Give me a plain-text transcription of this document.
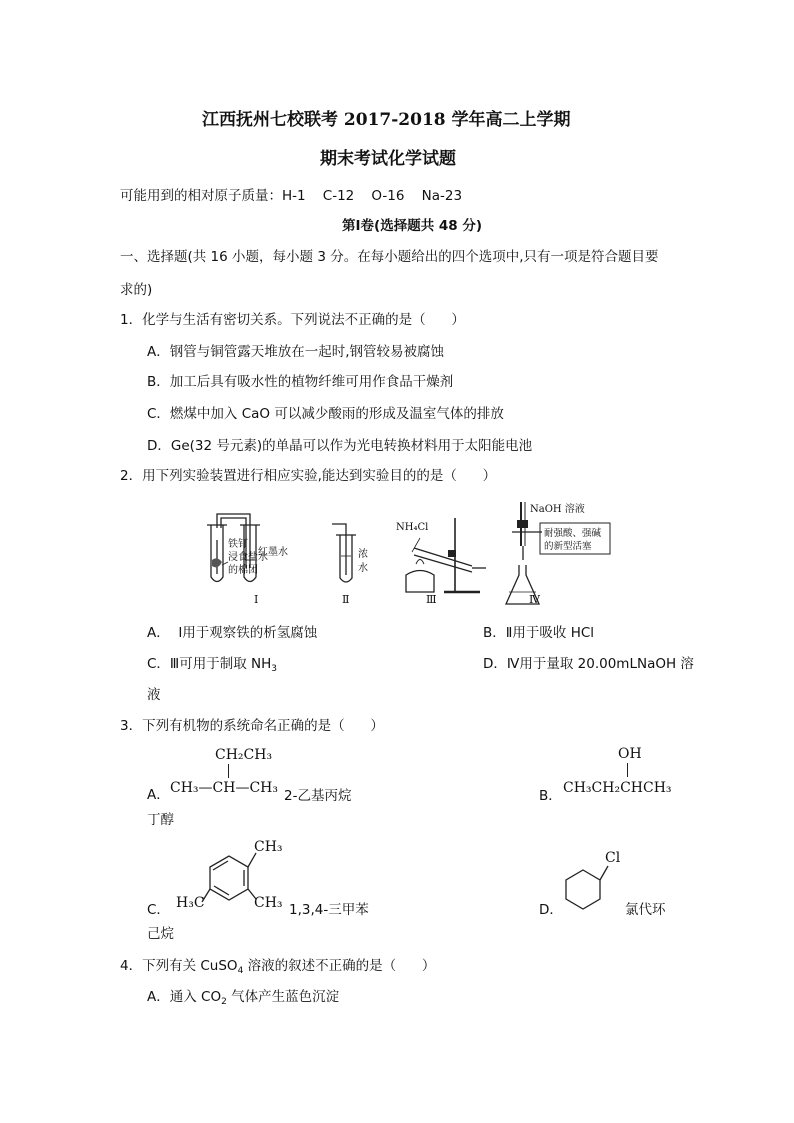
江西抚州七校联考 2017-2018 学年高二上学期
期末考试化学试题
可能用到的相对原子质量：H-1    C-12    O-16    Na-23
第Ⅰ卷(选择题共 48 分)
一、选择题(共 16 小题，每小题 3 分。在每小题给出的四个选项中,只有一项是符合题目要
求的)
1．化学与生活有密切关系。下列说法不正确的是（      ）
A．钢管与铜管露天堆放在一起时,钢管较易被腐蚀
B．加工后具有吸水性的植物纤维可用作食品干燥剂
C．燃煤中加入 CaO 可以减少酸雨的形成及温室气体的排放
D．Ge(32 号元素)的单晶可以作为光电转换材料用于太阳能电池
2．用下列实验装置进行相应实验,能达到实验目的的是（      ）
铁钉
浸食盐水
的棉团
红墨水
Ⅰ
浓
水
Ⅱ
NH₄Cl
Ⅲ
NaOH 溶液
耐强酸、强碱
的新型活塞
Ⅳ
A．  Ⅰ用于观察铁的析氢腐蚀	B．Ⅱ用于吸收 HCl
C．Ⅲ可用于制取 $NH_3$	D．Ⅳ用于量取 20.00mLNaOH 溶
液
3．下列有机物的系统命名正确的是（      ）
A．
CH₂CH₃
CH₃—CH—CH₃ 2-乙基丙烷
OH
B． CH₃CH₂CHCH₃
丁醇
CH₃
CH₃
C． H₃C	1,3,4-三甲苯
Cl
D．	氯代环
己烷
4．下列有关 CuSO$_4$ 溶液的叙述不正确的是（      ）
A．通入 $CO_2$ 气体产生蓝色沉淀
